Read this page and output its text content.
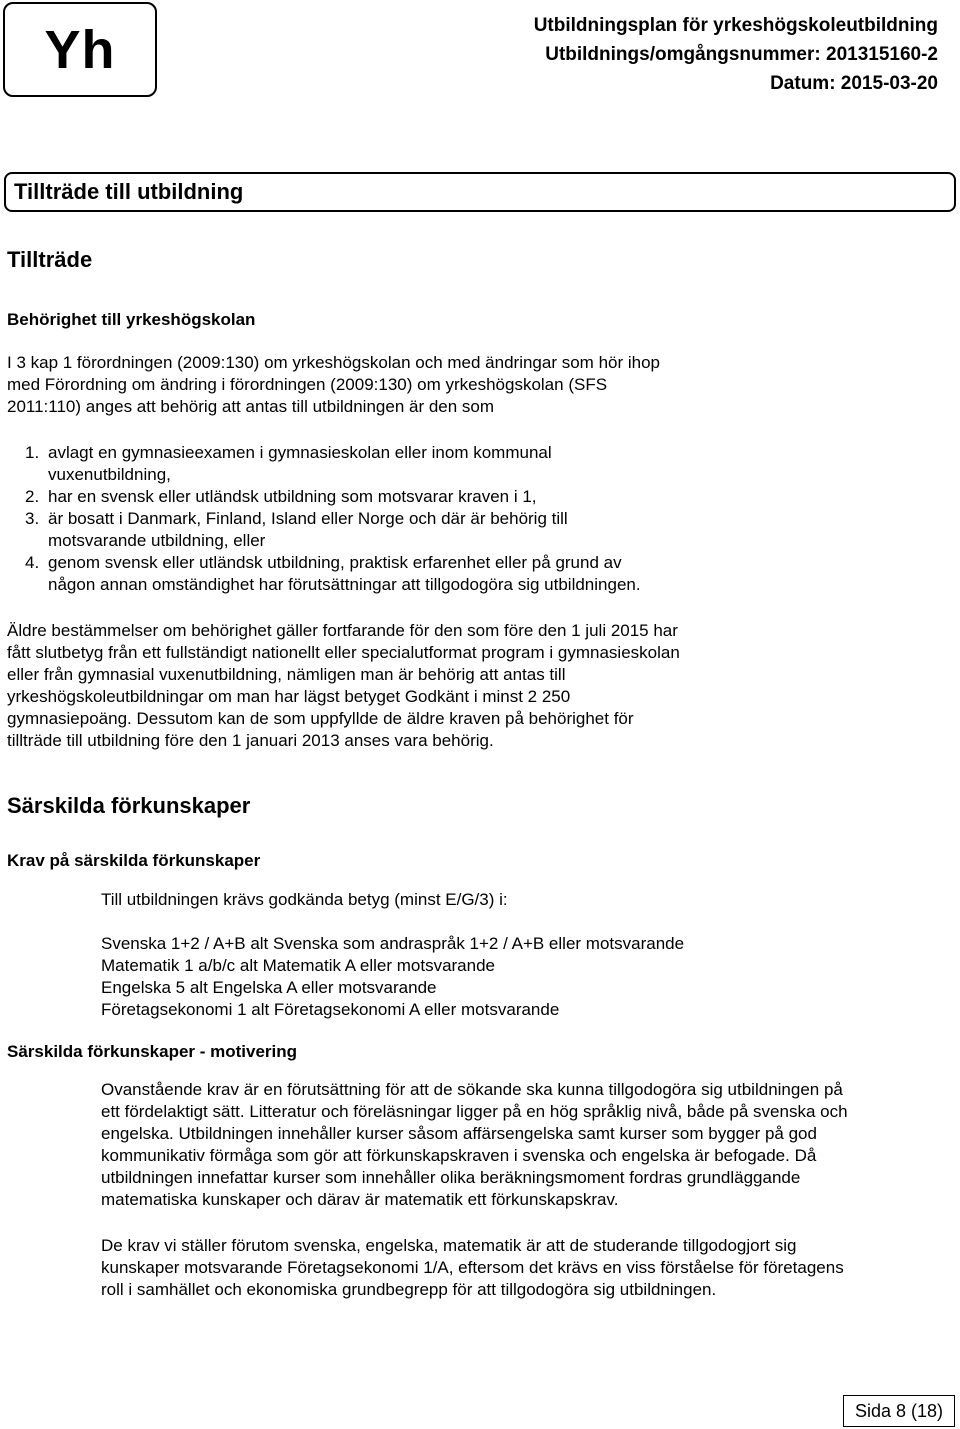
Yh	Utbildningsplan för yrkeshögskoleutbildning
Utbildnings/omgångsnummer: 201315160-2
Datum: 2015-03-20
Tillträde till utbildning
Tillträde
Behörighet till yrkeshögskolan
I 3 kap 1 förordningen (2009:130) om yrkeshögskolan och med ändringar som hör ihop
med Förordning om ändring i förordningen (2009:130) om yrkeshögskolan (SFS
2011:110) anges att behörig att antas till utbildningen är den som
1. avlagt en gymnasieexamen i gymnasieskolan eller inom kommunal
vuxenutbildning,
2. har en svensk eller utländsk utbildning som motsvarar kraven i 1,
3. är bosatt i Danmark, Finland, Island eller Norge och där är behörig till
motsvarande utbildning, eller
4. genom svensk eller utländsk utbildning, praktisk erfarenhet eller på grund av
någon annan omständighet har förutsättningar att tillgodogöra sig utbildningen.
Äldre bestämmelser om behörighet gäller fortfarande för den som före den 1 juli 2015 har
fått slutbetyg från ett fullständigt nationellt eller specialutformat program i gymnasieskolan
eller från gymnasial vuxenutbildning, nämligen man är behörig att antas till
yrkeshögskoleutbildningar om man har lägst betyget Godkänt i minst 2 250
gymnasiepoäng. Dessutom kan de som uppfyllde de äldre kraven på behörighet för
tillträde till utbildning före den 1 januari 2013 anses vara behörig.
Särskilda förkunskaper
Krav på särskilda förkunskaper
Till utbildningen krävs godkända betyg (minst E/G/3) i:
Svenska 1+2 / A+B alt Svenska som andraspråk 1+2 / A+B eller motsvarande
Matematik 1 a/b/c alt Matematik A eller motsvarande
Engelska 5 alt Engelska A eller motsvarande
Företagsekonomi 1 alt Företagsekonomi A eller motsvarande
Särskilda förkunskaper - motivering
Ovanstående krav är en förutsättning för att de sökande ska kunna tillgodogöra sig utbildningen på
ett fördelaktigt sätt. Litteratur och föreläsningar ligger på en hög språklig nivå, både på svenska och
engelska. Utbildningen innehåller kurser såsom affärsengelska samt kurser som bygger på god
kommunikativ förmåga som gör att förkunskapskraven i svenska och engelska är befogade. Då
utbildningen innefattar kurser som innehåller olika beräkningsmoment fordras grundläggande
matematiska kunskaper och därav är matematik ett förkunskapskrav.
De krav vi ställer förutom svenska, engelska, matematik är att de studerande tillgodogjort sig
kunskaper motsvarande Företagsekonomi 1/A, eftersom det krävs en viss förståelse för företagens
roll i samhället och ekonomiska grundbegrepp för att tillgodogöra sig utbildningen.
Sida 8 (18)
